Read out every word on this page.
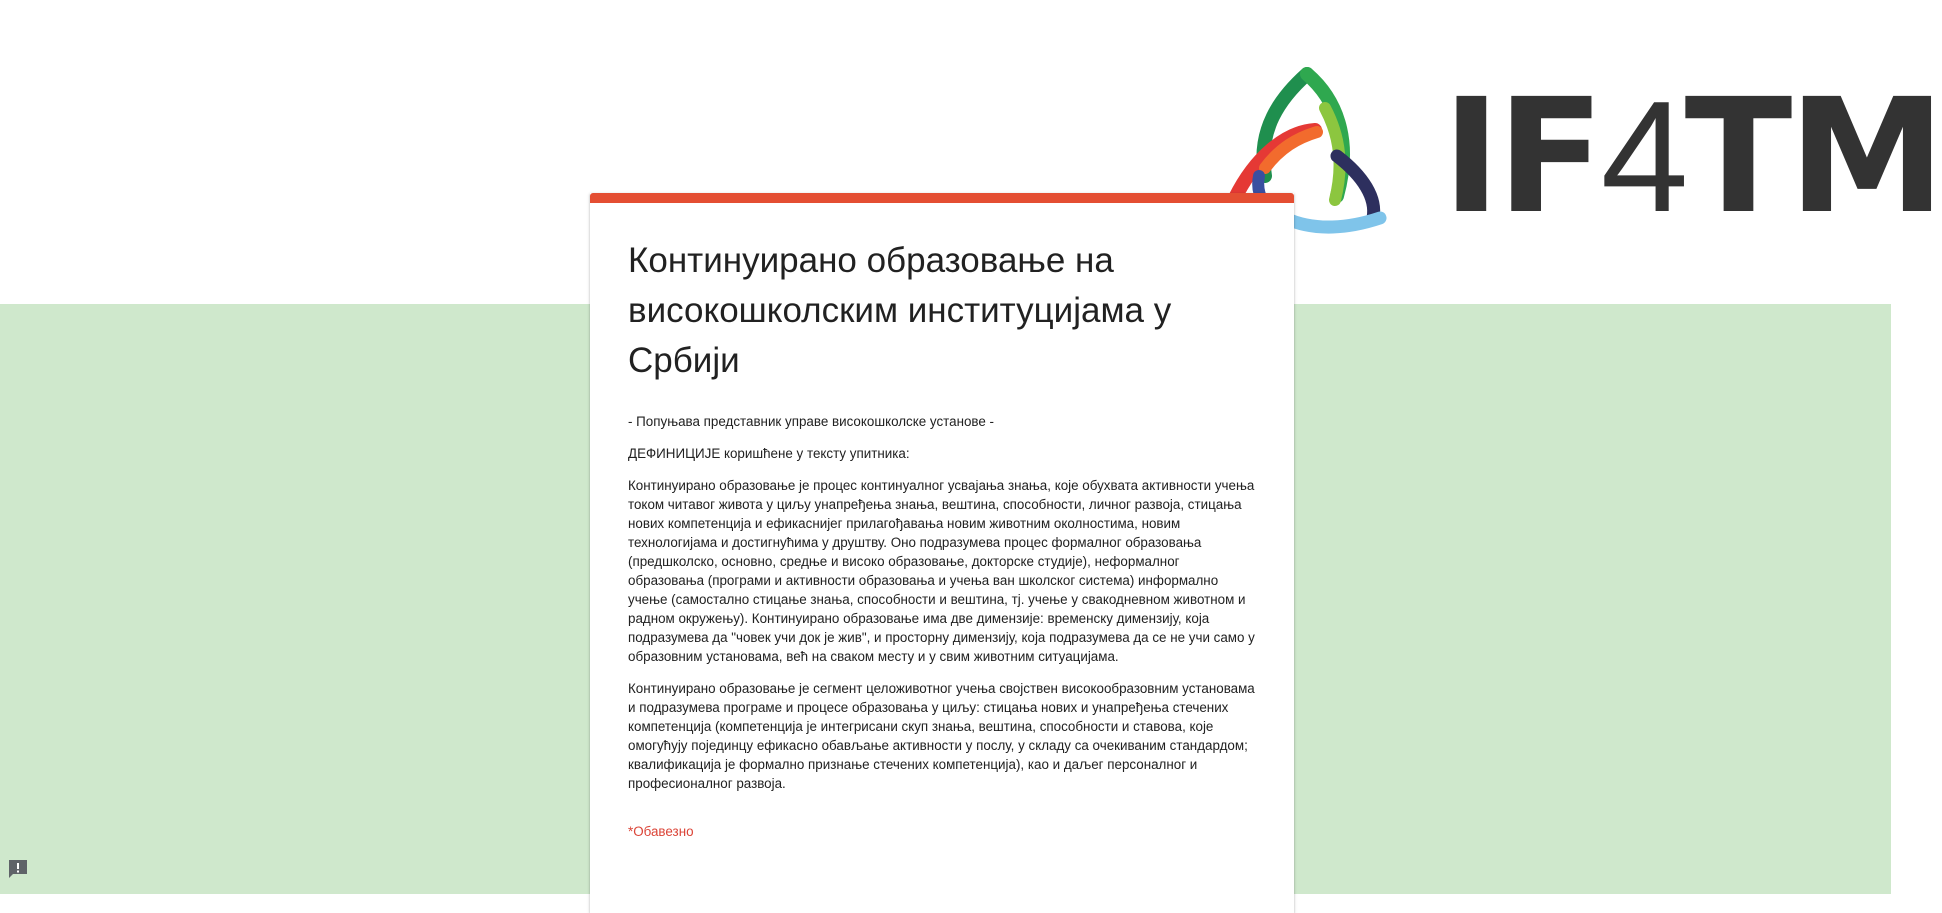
IF4TM
Континуирано образовање на високошколским институцијама у Србији

- Попуњава представник управе високошколске установе -

ДЕФИНИЦИЈЕ коришћене у тексту упитника:

Континуирано образовање је процес континуалног усвајања знања, које обухвата активности учења током читавог живота у циљу унапређења знања, вештина, способности, личног развоја, стицања нових компетенција и ефикаснијег прилагођавања новим животним околностима, новим технологијама и достигнућима у друштву. Оно подразумева процес формалног образовања (предшколско, основно, средње и високо образовање, докторске студије), неформалног образовања (програми и активности образовања и учења ван школског система) информално учење (самостално стицање знања, способности и вештина, тј. учење у свакодневном животном и радном окружењу). Континуирано образовање има две димензије: временску димензију, која подразумева да "човек учи док је жив", и просторну димензију, која подразумева да се не учи само у образовним установама, већ на сваком месту и у свим животним ситуацијама.

Континуирано образовање је сегмент целоживотног учења својствен високообразовним установама и подразумева програме и процесе образовања у циљу: стицања нових и унапређења стечених компетенција (компетенција је интегрисани скуп знања, вештина, способности и ставова, које омогућују појединцу ефикасно обављање активности у послу, у складу са очекиваним стандардом; квалификација је формално признање стечених компетенција), као и даљег персоналног и професионалног развоја.

*Обавезно
